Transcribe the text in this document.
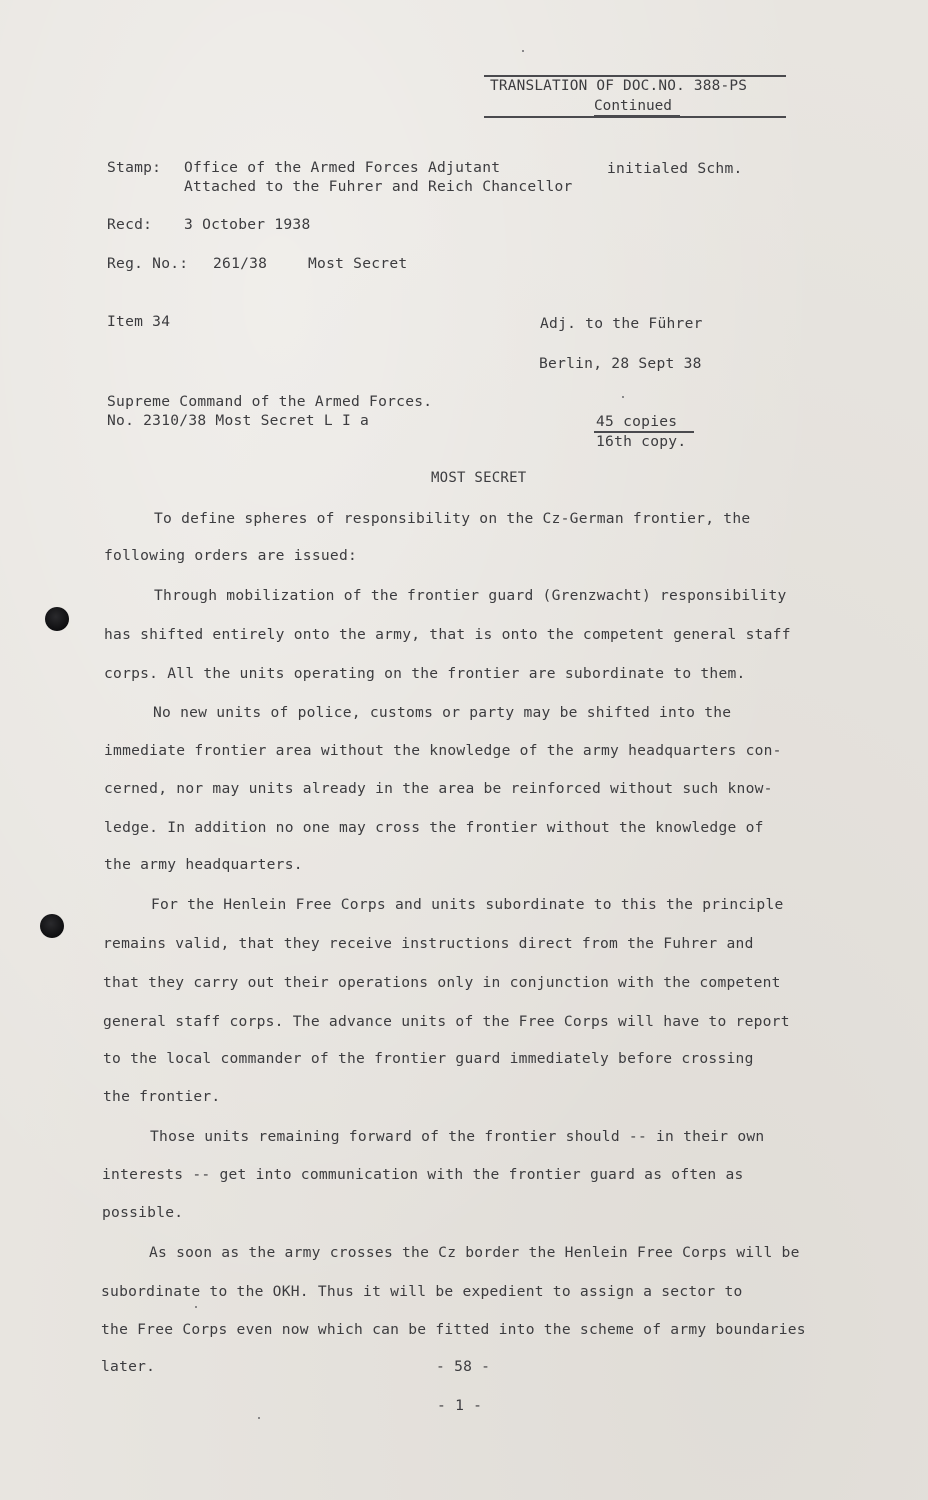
TRANSLATION OF DOC.NO. 388-PS
Continued
Stamp: Office of the Armed Forces Adjutant	initialed Schm.
Attached to the Fuhrer and Reich Chancellor
Recd: 3 October 1938
Reg. No.: 261/38	Most Secret
Item 34	Adj. to the Führer
Berlin, 28 Sept 38
Supreme Command of the Armed Forces.
No. 2310/38 Most Secret L I a	45 copies
16th copy.
MOST SECRET
To define spheres of responsibility on the Cz-German frontier, the
following orders are issued:
Through mobilization of the frontier guard (Grenzwacht) responsibility
has shifted entirely onto the army, that is onto the competent general staff
corps. All the units operating on the frontier are subordinate to them.
No new units of police, customs or party may be shifted into the
immediate frontier area without the knowledge of the army headquarters con-
cerned, nor may units already in the area be reinforced without such know-
ledge. In addition no one may cross the frontier without the knowledge of
the army headquarters.
For the Henlein Free Corps and units subordinate to this the principle
remains valid, that they receive instructions direct from the Fuhrer and
that they carry out their operations only in conjunction with the competent
general staff corps. The advance units of the Free Corps will have to report
to the local commander of the frontier guard immediately before crossing
the frontier.
Those units remaining forward of the frontier should -- in their own
interests -- get into communication with the frontier guard as often as
possible.
As soon as the army crosses the Cz border the Henlein Free Corps will be
subordinate to the OKH. Thus it will be expedient to assign a sector to
the Free Corps even now which can be fitted into the scheme of army boundaries
later.	- 58 -
- 1 -
